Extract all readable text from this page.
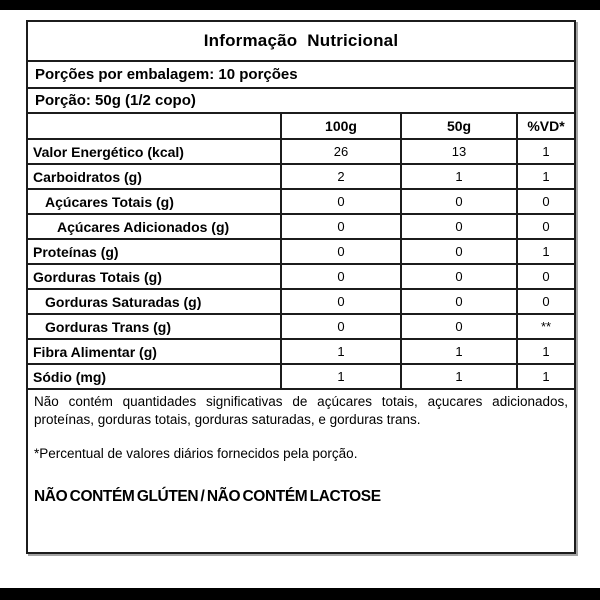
Informação Nutricional
Porções por embalagem: 10 porções
Porção: 50g (1/2 copo)
100g	50g	%VD*
Valor Energético (kcal)	26	13	1
Carboidratos (g)	2	1	1
Açúcares Totais (g)	0	0	0
Açúcares Adicionados (g)	0	0	0
Proteínas (g)	0	0	1
Gorduras Totais (g)	0	0	0
Gorduras Saturadas (g)	0	0	0
Gorduras Trans (g)	0	0	**
Fibra Alimentar (g)	1	1	1
Sódio (mg)	1	1	1

Não contém quantidades significativas de açúcares totais, açucares adicionados, proteínas, gorduras totais, gorduras saturadas, e gorduras trans.

*Percentual de valores diários fornecidos pela porção.

NÃO CONTÉM GLÚTEN / NÃO CONTÉM LACTOSE
